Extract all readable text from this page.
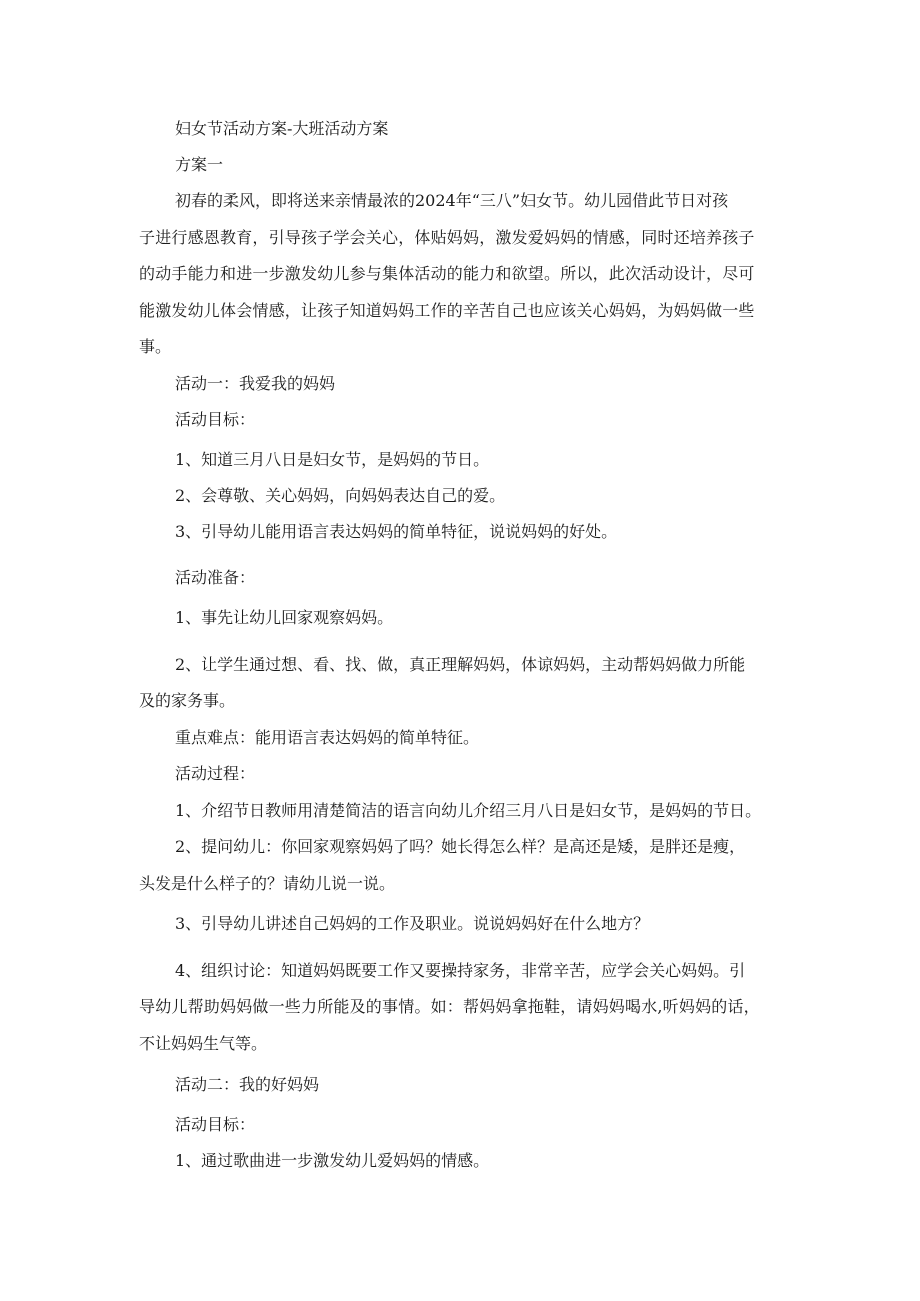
妇女节活动方案-大班活动方案
方案一
初春的柔风，即将送来亲情最浓的2024年“三八”妇女节。幼儿园借此节日对孩
子进行感恩教育，引导孩子学会关心，体贴妈妈，激发爱妈妈的情感，同时还培养孩子
的动手能力和进一步激发幼儿参与集体活动的能力和欲望。所以，此次活动设计，尽可
能激发幼儿体会情感，让孩子知道妈妈工作的辛苦自己也应该关心妈妈，为妈妈做一些
事。
活动一：我爱我的妈妈
活动目标：
1、知道三月八日是妇女节，是妈妈的节日。
2、会尊敬、关心妈妈，向妈妈表达自己的爱。
3、引导幼儿能用语言表达妈妈的简单特征，说说妈妈的好处。
活动准备：
1、事先让幼儿回家观察妈妈。
2、让学生通过想、看、找、做，真正理解妈妈，体谅妈妈，主动帮妈妈做力所能
及的家务事。
重点难点：能用语言表达妈妈的简单特征。
活动过程：
1、介绍节日教师用清楚简洁的语言向幼儿介绍三月八日是妇女节，是妈妈的节日。
2、提问幼儿：你回家观察妈妈了吗？她长得怎么样？是高还是矮，是胖还是瘦，
头发是什么样子的？请幼儿说一说。
3、引导幼儿讲述自己妈妈的工作及职业。说说妈妈好在什么地方？
4、组织讨论：知道妈妈既要工作又要操持家务，非常辛苦，应学会关心妈妈。引
导幼儿帮助妈妈做一些力所能及的事情。如：帮妈妈拿拖鞋，请妈妈喝水,听妈妈的话，
不让妈妈生气等。
活动二：我的好妈妈
活动目标：
1、通过歌曲进一步激发幼儿爱妈妈的情感。
